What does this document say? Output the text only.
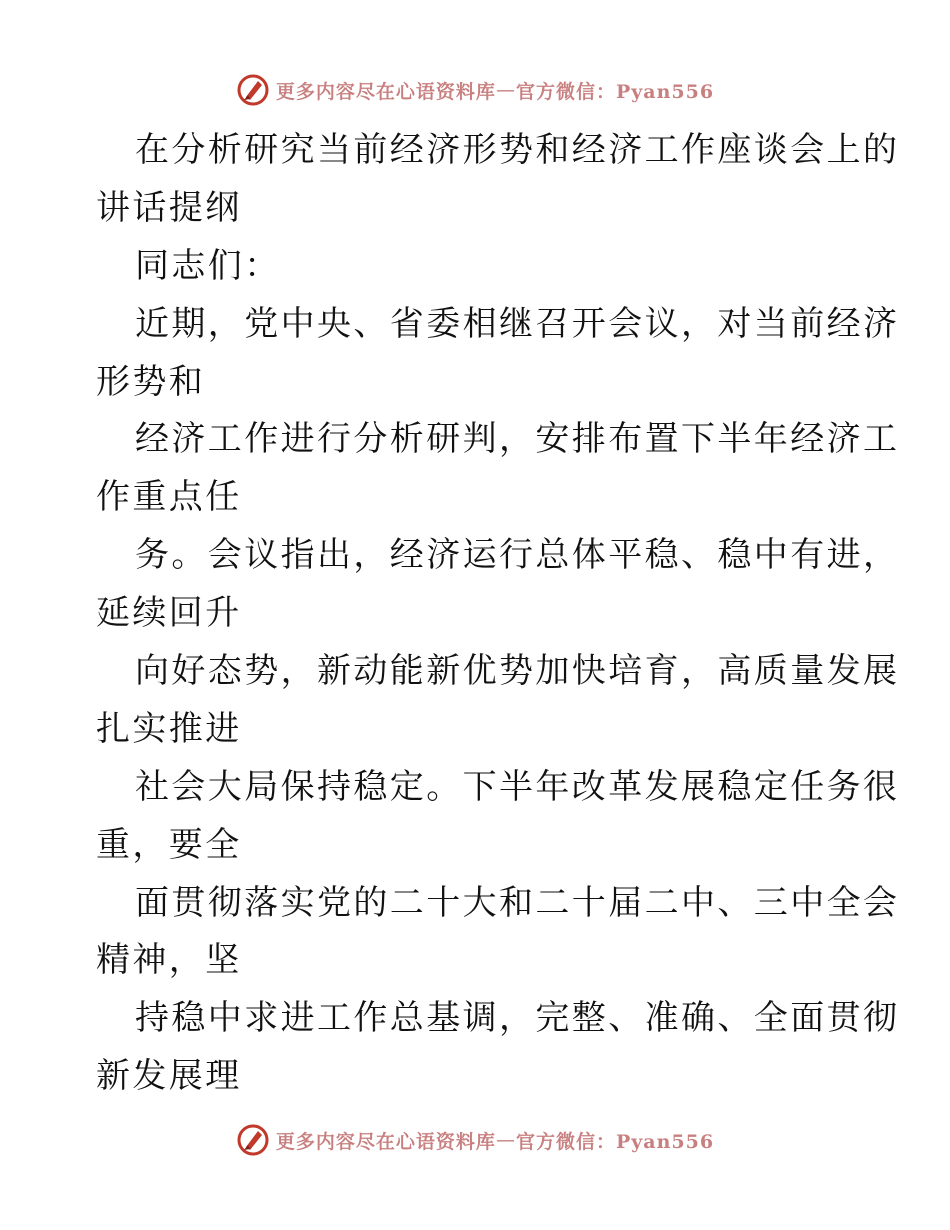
更多内容尽在心语资料库 — 官方微信：Pyan556
在分析研究当前经济形势和经济工作座谈会上的
讲话提纲
同志们：
近期，党中央、省委相继召开会议，对当前经济
形势和
经济工作进行分析研判，安排布置下半年经济工
作重点任
务。会议指出，经济运行总体平稳、稳中有进，
延续回升
向好态势，新动能新优势加快培育，高质量发展
扎实推进
社会大局保持稳定。下半年改革发展稳定任务很
重，要全
面贯彻落实党的二十大和二十届二中、三中全会
精神，坚
持稳中求进工作总基调，完整、准确、全面贯彻
新发展理
更多内容尽在心语资料库 — 官方微信：Pyan556
